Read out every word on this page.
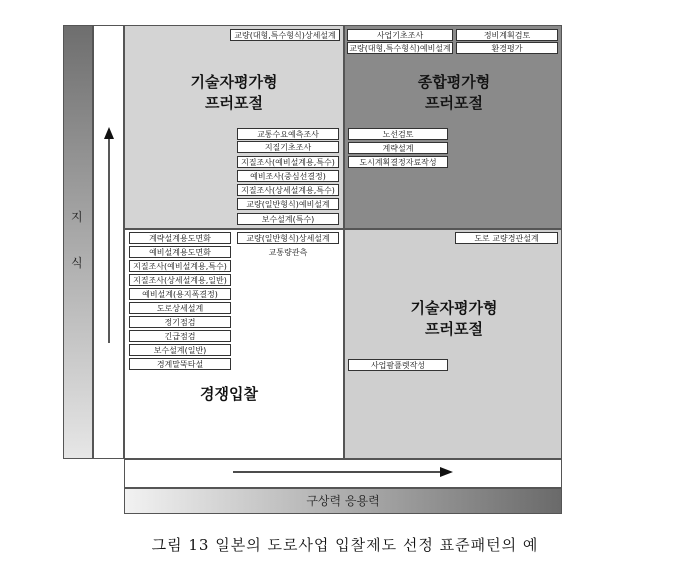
지
식
기술자평가형
프러포절
종합평가형
프러포절
경쟁입찰
기술자평가형
프러포절
교량(대형,특수형식)상세설계	사업기초조사	정비계획검토
교량(대형,특수형식)예비설계	환경평가
교통수요예측조사
지질기초조사
지질조사(예비설계용,특수)
예비조사(중심선결정)
지질조사(상세설계용,특수)
교량(일반형식)예비설계
보수설계(특수)
노선검토
계략설계
도시계획결정자료작성
계략설계용도면화
예비설계용도면화
지질조사(예비설계용,특수)
지질조사(상세설계용,일반)
예비설계(용지폭결정)
도로상세설계
정기점검
긴급점검
보수설계(일반)
경계말뚝타설
교량(일반형식)상세설계
교통량관측
도로 교량경관설계
사업팜플렛작성
구상력 응용력
그림 13 일본의 도로사업 입찰제도 선정 표준패턴의 예
